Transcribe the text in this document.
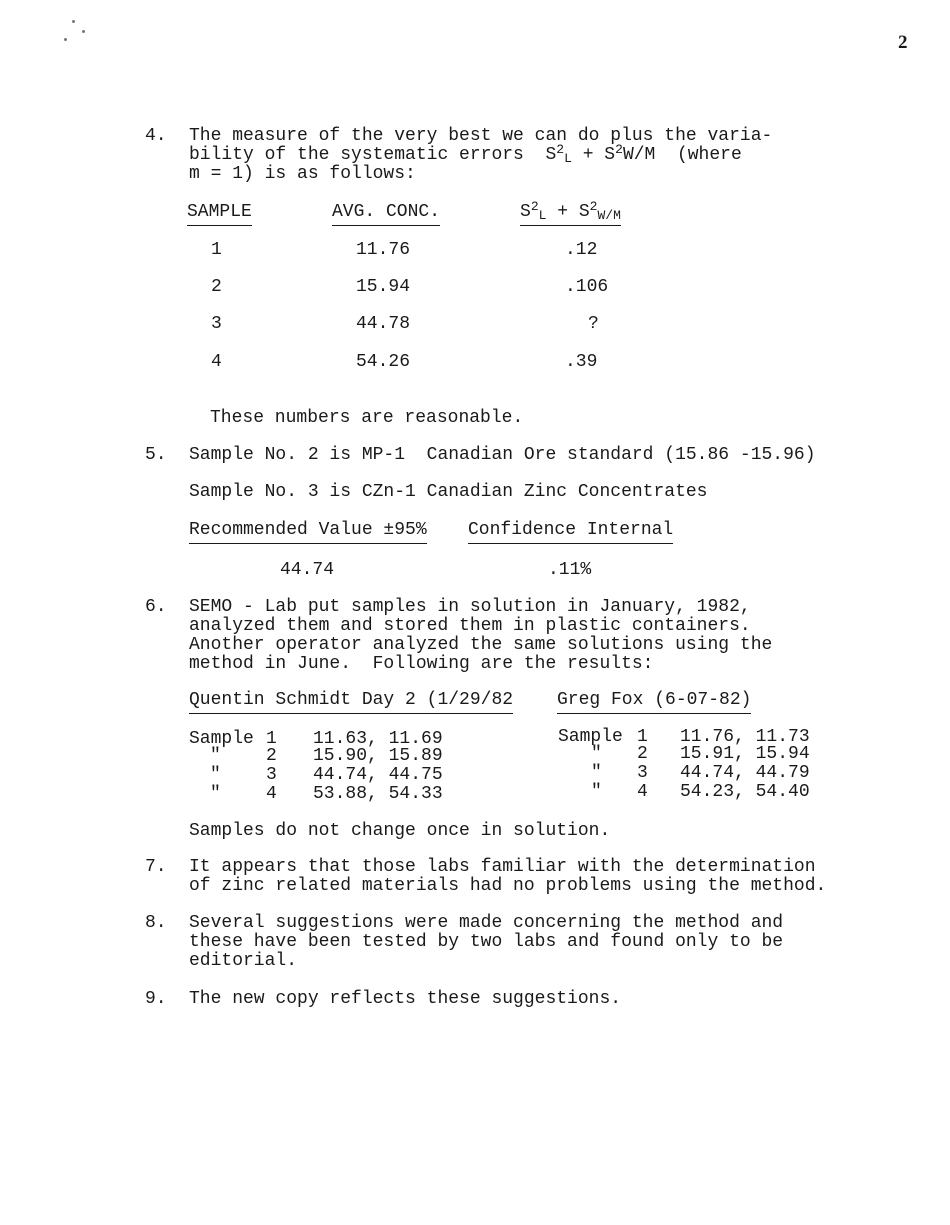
2
4. The measure of the very best we can do plus the varia-
bility of the systematic errors $S^2_L + S^2W/M$ (where
m = 1) is as follows:
SAMPLE	AVG. CONC.	$S^2_L + S^2_{W/M}$
1	11.76	.12
2	15.94	.106
3	44.78	?
4	54.26	.39
These numbers are reasonable.
5. Sample No. 2 is MP-1  Canadian Ore standard (15.86 -15.96)
Sample No. 3 is CZn-1 Canadian Zinc Concentrates
Recommended Value ±95% Confidence Internal
44.74	.11%
6. SEMO - Lab put samples in solution in January, 1982,
analyzed them and stored them in plastic containers.
Another operator analyzed the same solutions using the
method in June.  Following are the results:
Quentin Schmidt Day 2 (1/29/82 Greg Fox (6-07-82)
Sample 1 11.63, 11.69
"	2 15.90, 15.89
"	3 44.74, 44.75
"	4 53.88, 54.33
Sample 1 11.76, 11.73
" 2 15.91, 15.94
" 3 44.74, 44.79
" 4 54.23, 54.40
Samples do not change once in solution.
7. It appears that those labs familiar with the determination
of zinc related materials had no problems using the method.
8. Several suggestions were made concerning the method and
these have been tested by two labs and found only to be
editorial.
9. The new copy reflects these suggestions.
